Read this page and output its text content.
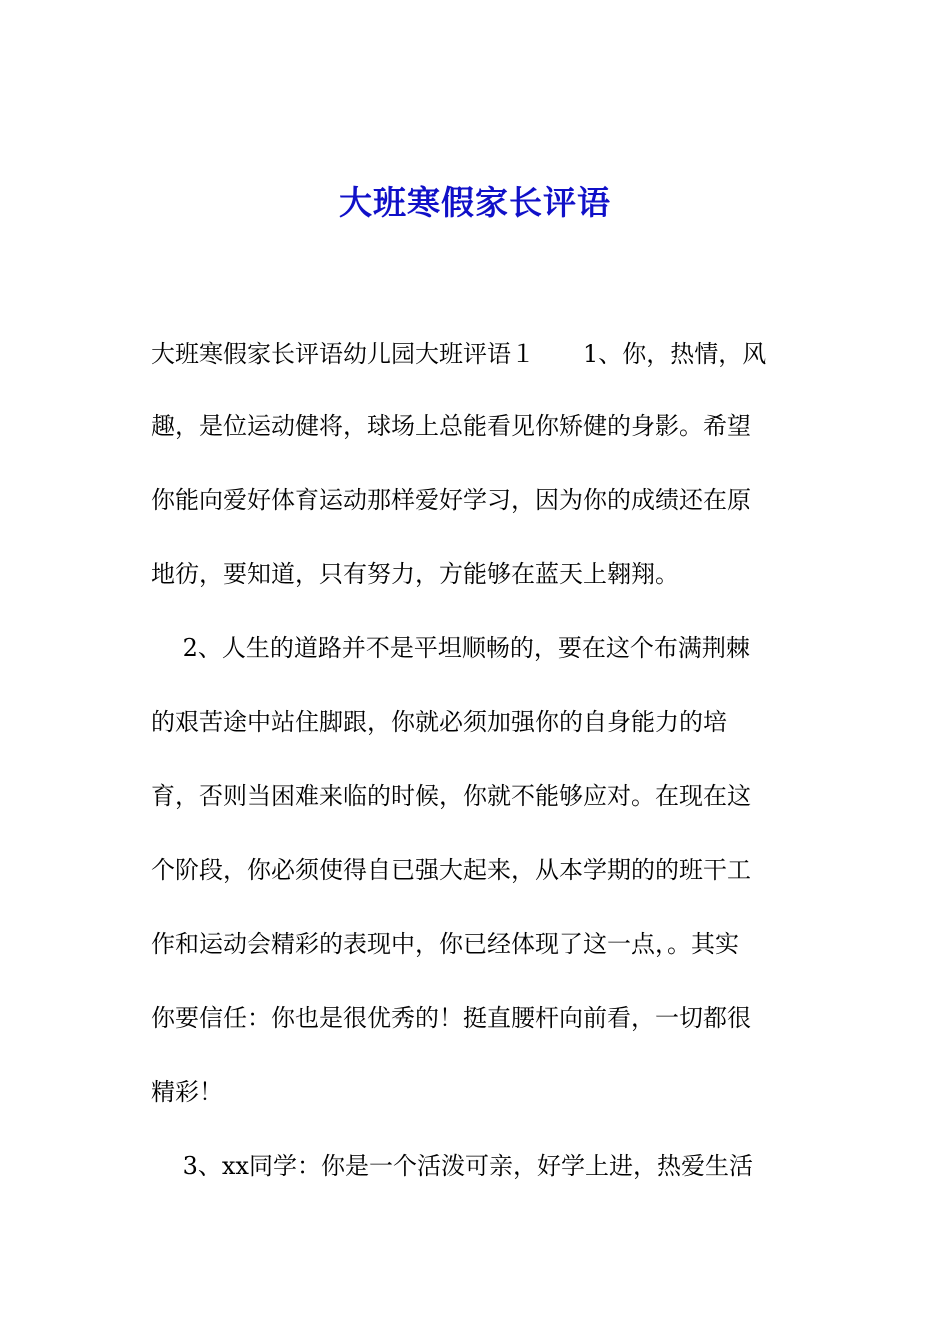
大班寒假家长评语

大班寒假家长评语幼儿园大班评语１　　1、你，热情，风

趣，是位运动健将，球场上总能看见你矫健的身影。希望

你能向爱好体育运动那样爱好学习，因为你的成绩还在原

地彷，要知道，只有努力，方能够在蓝天上翱翔。

　 2、人生的道路并不是平坦顺畅的，要在这个布满荆棘

的艰苦途中站住脚跟，你就必须加强你的自身能力的培

育，否则当困难来临的时候，你就不能够应对。在现在这

个阶段，你必须使得自已强大起来，从本学期的的班干工

作和运动会精彩的表现中，你已经体现了这一点，。其实

你要信任：你也是很优秀的！挺直腰杆向前看，一切都很

精彩！

　 3、xx同学：你是一个活泼可亲，好学上进，热爱生活
